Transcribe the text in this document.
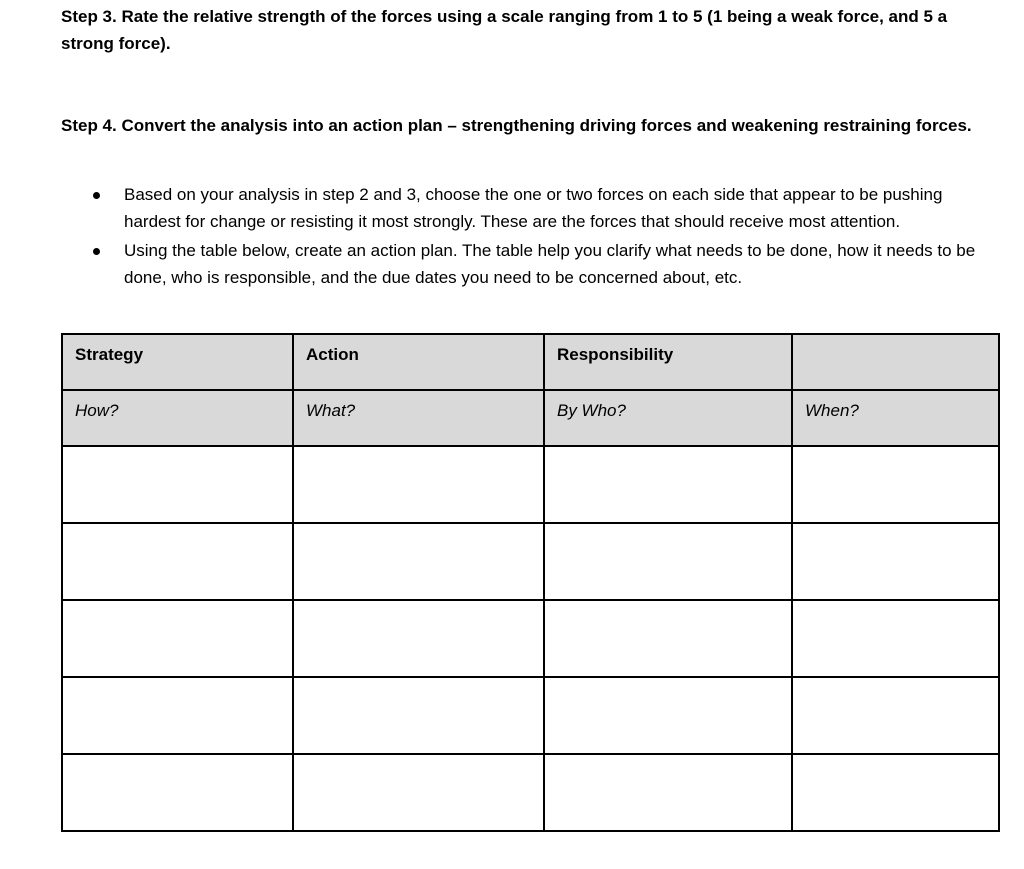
Step 3. Rate the relative strength of the forces using a scale ranging from 1 to 5 (1 being a weak force, and 5 a strong force).

Step 4. Convert the analysis into an action plan – strengthening driving forces and weakening restraining forces.

Based on your analysis in step 2 and 3, choose the one or two forces on each side that appear to be pushing hardest for change or resisting it most strongly. These are the forces that should receive most attention.
Using the table below, create an action plan. The table help you clarify what needs to be done, how it needs to be done, who is responsible, and the due dates you need to be concerned about, etc.
Strategy	Action	Responsibility	
How?	What?	By Who?	When?
